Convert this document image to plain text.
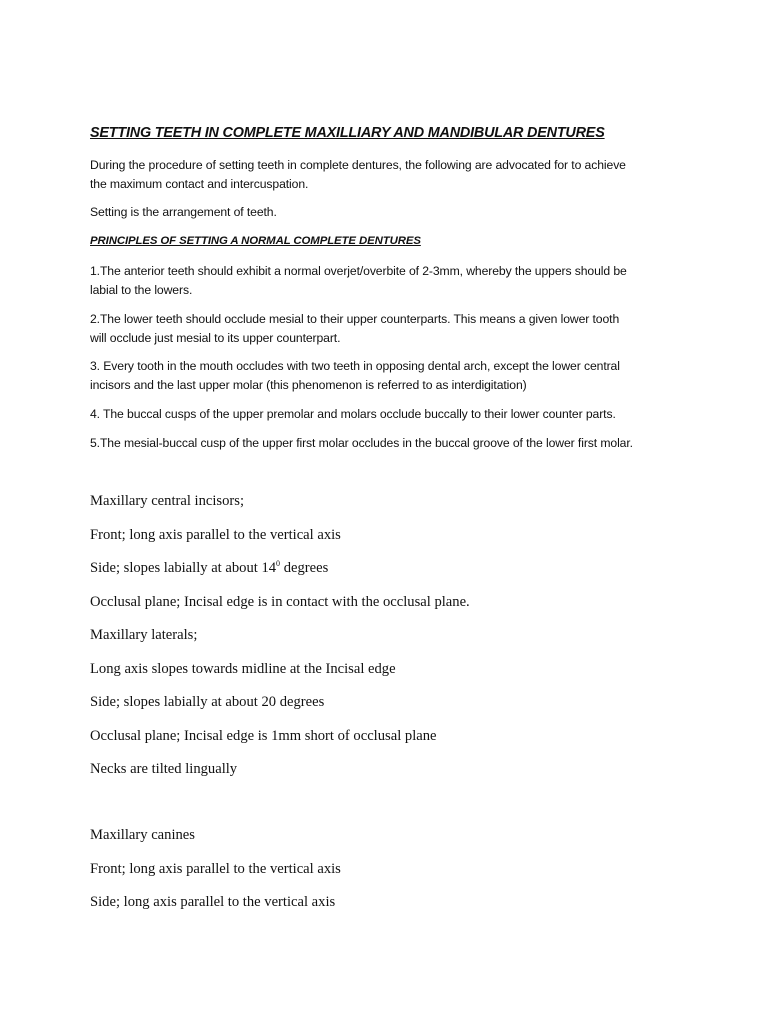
SETTING TEETH IN COMPLETE MAXILLIARY AND MANDIBULAR DENTURES
During the procedure of setting teeth in complete dentures, the following are advocated for to achieve
the maximum contact and intercuspation.
Setting is the arrangement of teeth.
PRINCIPLES OF SETTING A NORMAL COMPLETE DENTURES
1.The anterior teeth should exhibit a normal overjet/overbite of 2-3mm, whereby the uppers should be
labial to the lowers.
2.The lower teeth should occlude mesial to their upper counterparts. This means a given lower tooth
will occlude just mesial to its upper counterpart.
3. Every tooth in the mouth occludes with two teeth in opposing dental arch, except the lower central
incisors and the last upper molar (this phenomenon is referred to as interdigitation)
4. The buccal cusps of the upper premolar and molars occlude buccally to their lower counter parts.
5.The mesial-buccal cusp of the upper first molar occludes in the buccal groove of the lower first molar.
Maxillary central incisors;
Front; long axis parallel to the vertical axis
Side; slopes labially at about $14^0$ degrees
Occlusal plane; Incisal edge is in contact with the occlusal plane.
Maxillary laterals;
Long axis slopes towards midline at the Incisal edge
Side; slopes labially at about 20 degrees
Occlusal plane; Incisal edge is 1mm short of occlusal plane
Necks are tilted lingually
Maxillary canines
Front; long axis parallel to the vertical axis
Side; long axis parallel to the vertical axis
